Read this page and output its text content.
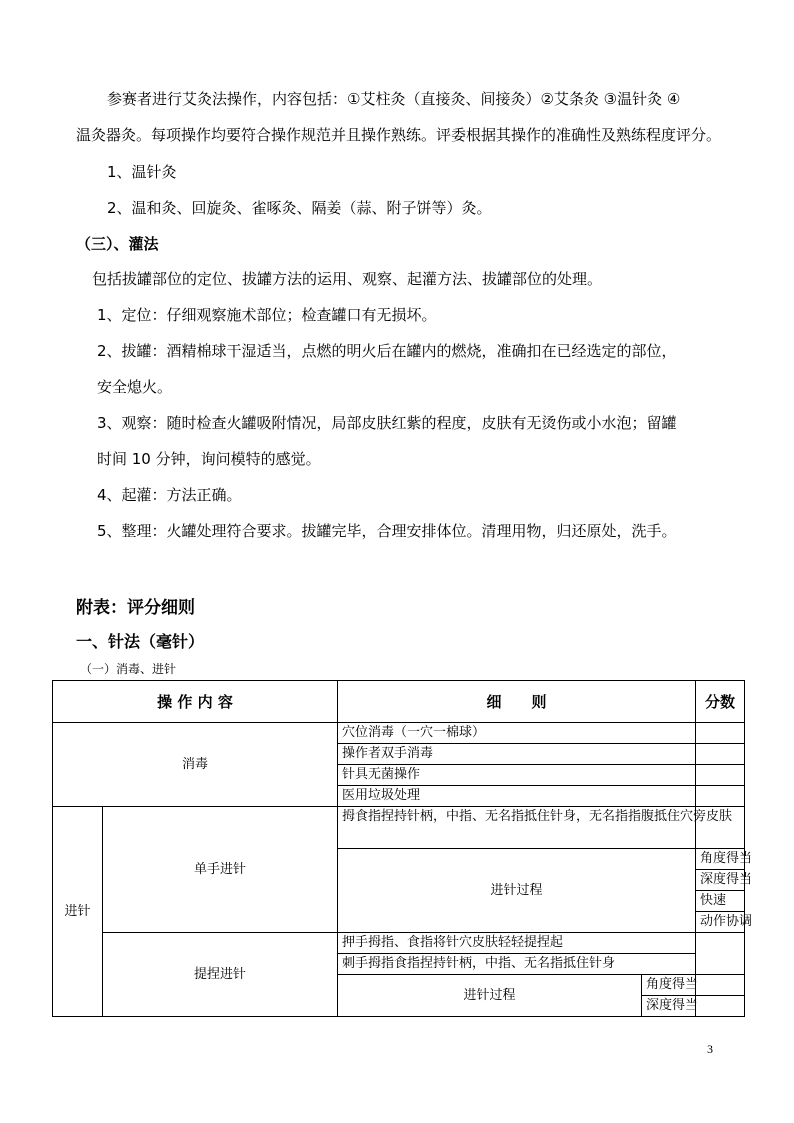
参赛者进行艾灸法操作，内容包括：①艾柱灸（直接灸、间接灸）②艾条灸 ③温针灸 ④
温灸器灸。每项操作均要符合操作规范并且操作熟练。评委根据其操作的准确性及熟练程度评分。
1、温针灸
2、温和灸、回旋灸、雀啄灸、隔姜（蒜、附子饼等）灸。
（三）、灌法
包括拔罐部位的定位、拔罐方法的运用、观察、起灌方法、拔罐部位的处理。
1、定位：仔细观察施术部位；检查罐口有无损坏。
2、拔罐：酒精棉球干湿适当，点燃的明火后在罐内的燃烧，准确扣在已经选定的部位，
安全熄火。
3、观察：随时检查火罐吸附情况，局部皮肤红紫的程度，皮肤有无烫伤或小水泡；留罐
时间 10 分钟，询问模特的感觉。
4、起灌：方法正确。
5、整理：火罐处理符合要求。拔罐完毕，合理安排体位。清理用物，归还原处，洗手。
附表：评分细则
一、针法（毫针）
（一）消毒、进针
操 作 内 容		细　　则		分数	
消毒		穴位消毒（一穴一棉球）			
		操作者双手消毒			
		针具无菌操作			
		医用垃圾处理			
进针	单手进针	拇食指捏持针柄，中指、无名指抵住针身，无名指指腹抵住穴旁皮肤			
		进针过程		角度得当		
				深度得当		
				快速		
				动作协调		
	提捏进针	押手拇指、食指将针穴皮肤轻轻提捏起			

		刺手拇指食指捏持针柄，中指、无名指抵住针身			

		进针过程	角度得当		
			深度得当		
3
